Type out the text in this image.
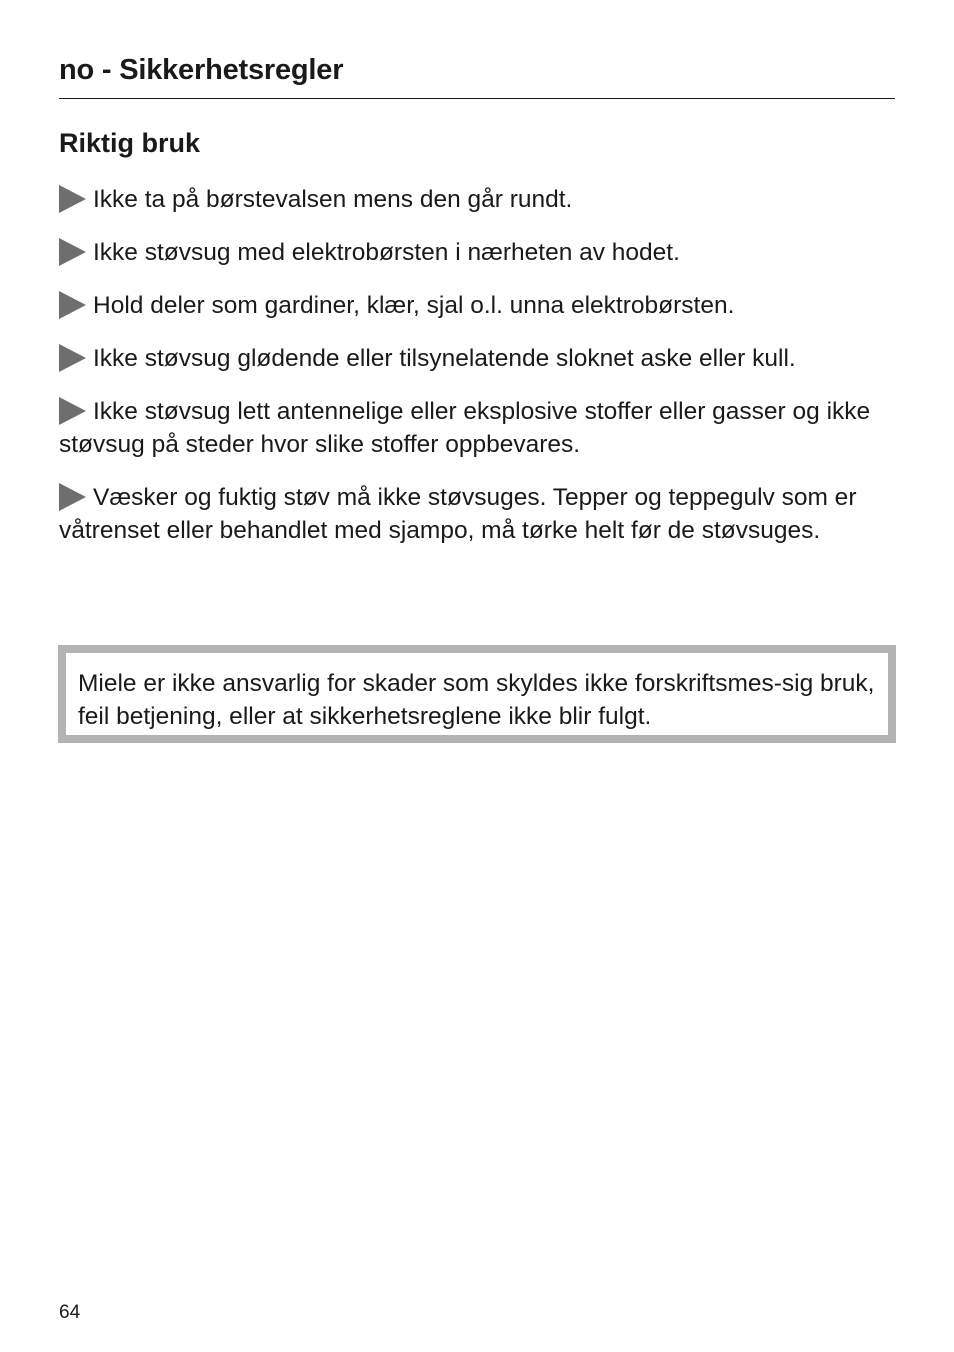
no - Sikkerhetsregler
Riktig bruk
Ikke ta på børstevalsen mens den går rundt.
Ikke støvsug med elektrobørsten i nærheten av hodet.
Hold deler som gardiner, klær, sjal o.l. unna elektrobørsten.
Ikke støvsug glødende eller tilsynelatende sloknet aske eller kull.
Ikke støvsug lett antennelige eller eksplosive stoffer eller gasser og ikke støvsug på steder hvor slike stoffer oppbevares.
Væsker og fuktig støv må ikke støvsuges. Tepper og teppegulv som er våtrenset eller behandlet med sjampo, må tørke helt før de støvsuges.
Miele er ikke ansvarlig for skader som skyldes ikke forskriftsmes-sig bruk, feil betjening, eller at sikkerhetsreglene ikke blir fulgt.
64
